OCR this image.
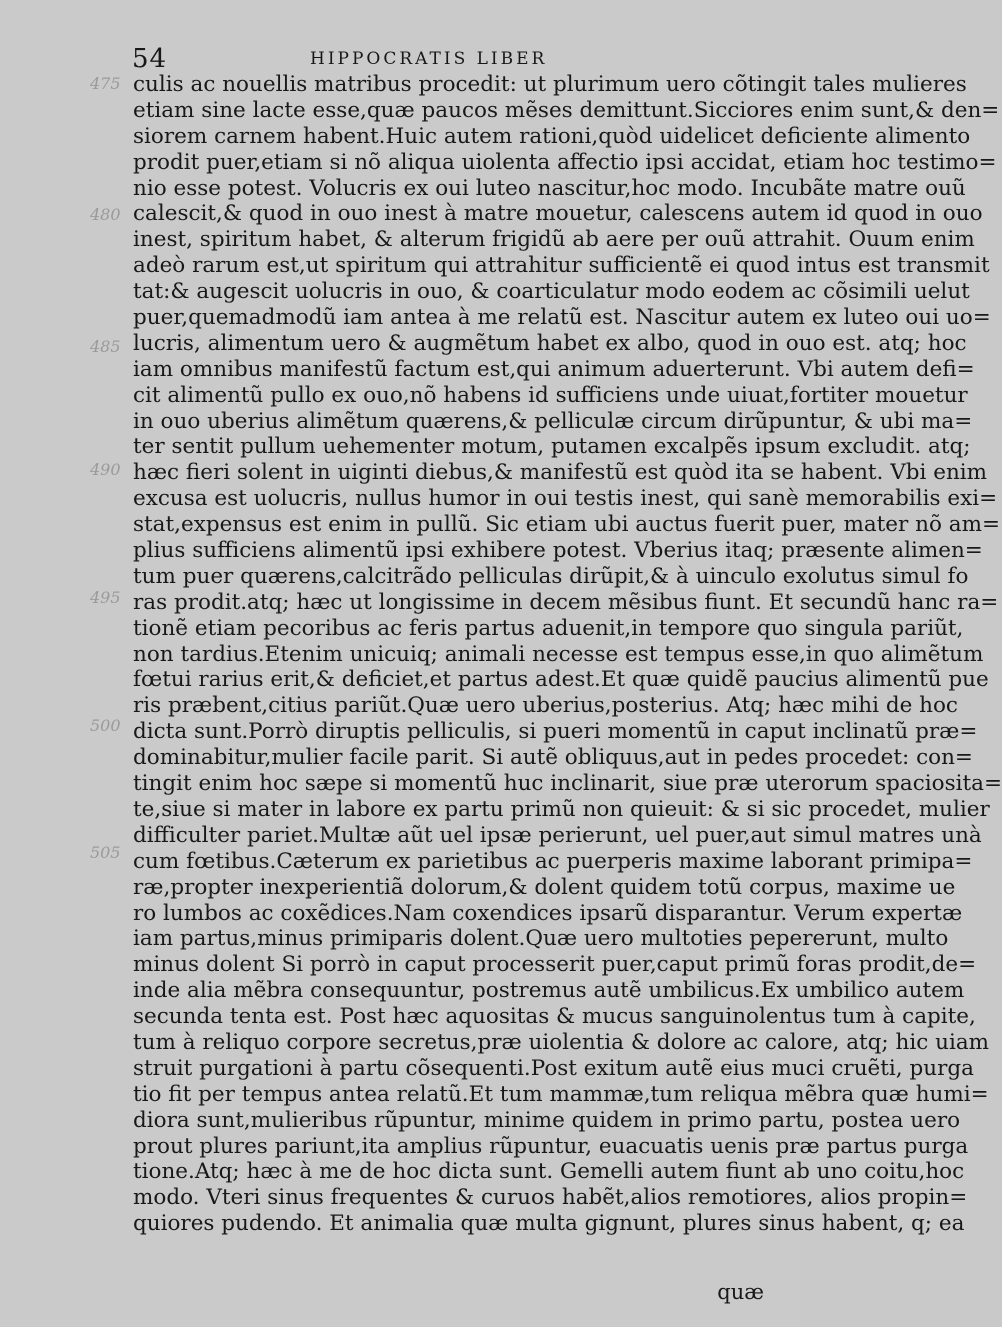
54	HIPPOCRATIS LIBER
475
480
485
490
495
500
505
culis ac nouellis matribus procedit: ut plurimum uero cõtingit tales mulieres
etiam sine lacte esse,quæ paucos mẽses demittunt.Sicciores enim sunt,& den=
siorem carnem habent.Huic autem rationi,quòd uidelicet deficiente alimento
prodit puer,etiam si nõ aliqua uiolenta affectio ipsi accidat, etiam hoc testimo=
nio esse potest. Volucris ex oui luteo nascitur,hoc modo. Incubãte matre ouũ
calescit,& quod in ouo inest à matre mouetur, calescens autem id quod in ouo
inest, spiritum habet, & alterum frigidũ ab aere per ouũ attrahit. Ouum enim
adeò rarum est,ut spiritum qui attrahitur sufficientẽ ei quod intus est transmit
tat:& augescit uolucris in ouo, & coarticulatur modo eodem ac cõsimili uelut
puer,quemadmodũ iam antea à me relatũ est. Nascitur autem ex luteo oui uo=
lucris, alimentum uero & augmẽtum habet ex albo, quod in ouo est. atq; hoc
iam omnibus manifestũ factum est,qui animum aduerterunt. Vbi autem defi=
cit alimentũ pullo ex ouo,nõ habens id sufficiens unde uiuat,fortiter mouetur
in ouo uberius alimẽtum quærens,& pelliculæ circum dirũpuntur, & ubi ma=
ter sentit pullum uehementer motum, putamen excalpẽs ipsum excludit. atq;
hæc fieri solent in uiginti diebus,& manifestũ est quòd ita se habent. Vbi enim
excusa est uolucris, nullus humor in oui testis inest, qui sanè memorabilis exi=
stat,expensus est enim in pullũ. Sic etiam ubi auctus fuerit puer, mater nõ am=
plius sufficiens alimentũ ipsi exhibere potest. Vberius itaq; præsente alimen=
tum puer quærens,calcitrãdo pelliculas dirũpit,& à uinculo exolutus simul fo
ras prodit.atq; hæc ut longissime in decem mẽsibus fiunt. Et secundũ hanc ra=
tionẽ etiam pecoribus ac feris partus aduenit,in tempore quo singula pariũt,
non tardius.Etenim unicuiq; animali necesse est tempus esse,in quo alimẽtum
fœtui rarius erit,& deficiet,et partus adest.Et quæ quidẽ paucius alimentũ pue
ris præbent,citius pariũt.Quæ uero uberius,posterius. Atq; hæc mihi de hoc
dicta sunt.Porrò diruptis pelliculis, si pueri momentũ in caput inclinatũ præ=
dominabitur,mulier facile parit. Si autẽ obliquus,aut in pedes procedet: con=
tingit enim hoc sæpe si momentũ huc inclinarit, siue præ uterorum spaciosita=
te,siue si mater in labore ex partu primũ non quieuit: & si sic procedet, mulier
difficulter pariet.Multæ aũt uel ipsæ perierunt, uel puer,aut simul matres unà
cum fœtibus.Cæterum ex parietibus ac puerperis maxime laborant primipa=
ræ,propter inexperientiã dolorum,& dolent quidem totũ corpus, maxime ue
ro lumbos ac coxẽdices.Nam coxendices ipsarũ disparantur. Verum expertæ
iam partus,minus primiparis dolent.Quæ uero multoties pepererunt, multo
minus dolent Si porrò in caput processerit puer,caput primũ foras prodit,de=
inde alia mẽbra consequuntur, postremus autẽ umbilicus.Ex umbilico autem
secunda tenta est. Post hæc aquositas & mucus sanguinolentus tum à capite,
tum à reliquo corpore secretus,præ uiolentia & dolore ac calore, atq; hic uiam
struit purgationi à partu cõsequenti.Post exitum autẽ eius muci cruẽti, purga
tio fit per tempus antea relatũ.Et tum mammæ,tum reliqua mẽbra quæ humi=
diora sunt,mulieribus rũpuntur, minime quidem in primo partu, postea uero
prout plures pariunt,ita amplius rũpuntur, euacuatis uenis præ partus purga
tione.Atq; hæc à me de hoc dicta sunt. Gemelli autem fiunt ab uno coitu,hoc
modo. Vteri sinus frequentes & curuos habẽt,alios remotiores, alios propin=
quiores pudendo. Et animalia quæ multa gignunt, plures sinus habent, q; ea
quæ
